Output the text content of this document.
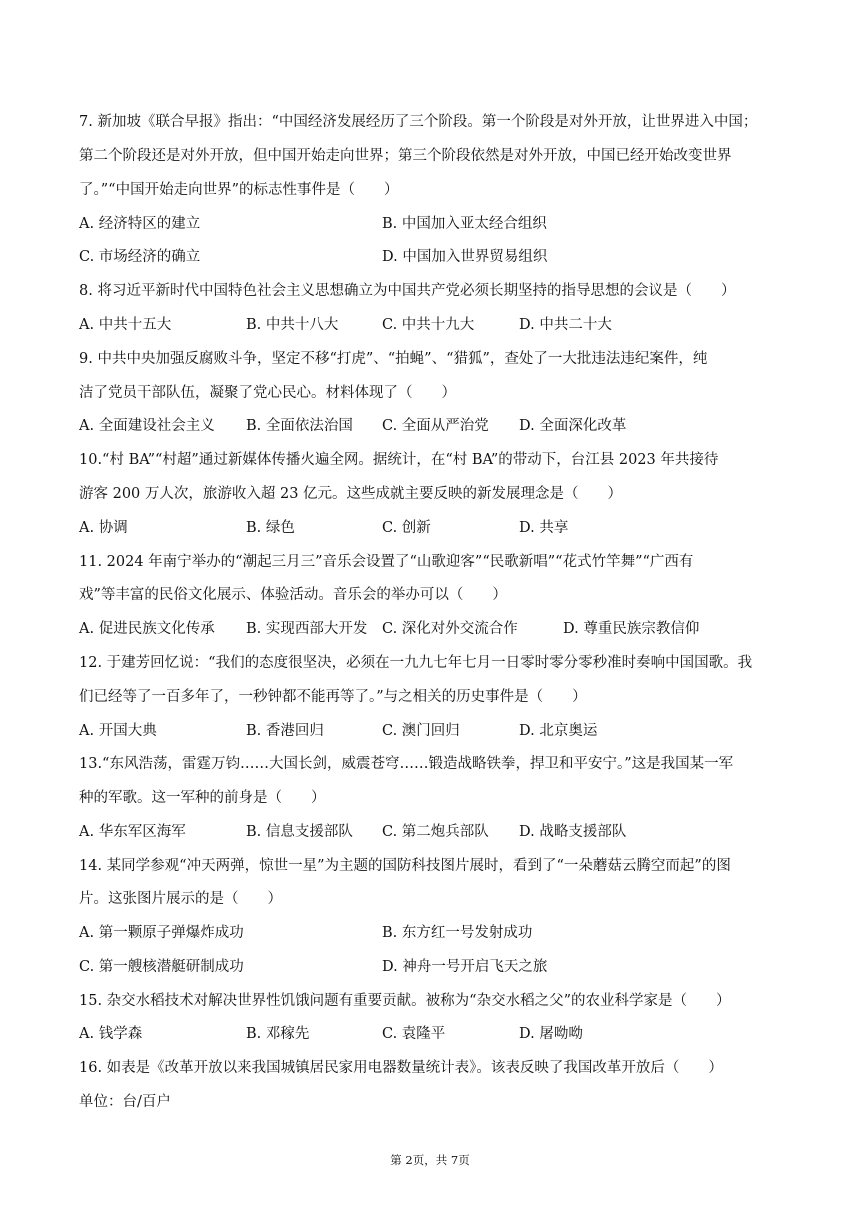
7. 新加坡《联合早报》指出：“中国经济发展经历了三个阶段。第一个阶段是对外开放，让世界进入中国；
第二个阶段还是对外开放，但中国开始走向世界；第三个阶段依然是对外开放，中国已经开始改变世界
了。”“中国开始走向世界”的标志性事件是（　　）
A. 经济特区的建立	B. 中国加入亚太经合组织
C. 市场经济的确立	D. 中国加入世界贸易组织
8. 将习近平新时代中国特色社会主义思想确立为中国共产党必须长期坚持的指导思想的会议是（　　）
A. 中共十五大	B. 中共十八大	C. 中共十九大	D. 中共二十大
9. 中共中央加强反腐败斗争，坚定不移“打虎”、“拍蝇”、“猎狐”，查处了一大批违法违纪案件，纯
洁了党员干部队伍，凝聚了党心民心。材料体现了（　　）
A. 全面建设社会主义 B. 全面依法治国 C. 全面从严治党 D. 全面深化改革
10.“村 BA”“村超”通过新媒体传播火遍全网。据统计，在“村 BA”的带动下，台江县 2023 年共接待
游客 200 万人次，旅游收入超 23 亿元。这些成就主要反映的新发展理念是（　　）
A. 协调	B. 绿色	C. 创新	D. 共享
11. 2024 年南宁举办的“潮起三月三”音乐会设置了“山歌迎客”“民歌新唱”“花式竹竿舞”“广西有
戏”等丰富的民俗文化展示、体验活动。音乐会的举办可以（　　）
A. 促进民族文化传承 B. 实现西部大开发 C. 深化对外交流合作	D. 尊重民族宗教信仰
12. 于建芳回忆说：“我们的态度很坚决，必须在一九九七年七月一日零时零分零秒准时奏响中国国歌。我
们已经等了一百多年了，一秒钟都不能再等了。”与之相关的历史事件是（　　）
A. 开国大典	B. 香港回归	C. 澳门回归	D. 北京奥运
13.“东风浩荡，雷霆万钧……大国长剑，威震苍穹……锻造战略铁拳，捍卫和平安宁。”这是我国某一军
种的军歌。这一军种的前身是（　　）
A. 华东军区海军	B. 信息支援部队 C. 第二炮兵部队 D. 战略支援部队
14. 某同学参观“冲天两弹，惊世一星”为主题的国防科技图片展时，看到了“一朵蘑菇云腾空而起”的图
片。这张图片展示的是（　　）
A. 第一颗原子弹爆炸成功	B. 东方红一号发射成功
C. 第一艘核潜艇研制成功	D. 神舟一号开启飞天之旅
15. 杂交水稻技术对解决世界性饥饿问题有重要贡献。被称为“杂交水稻之父”的农业科学家是（　　）
A. 钱学森	B. 邓稼先	C. 袁隆平	D. 屠呦呦
16. 如表是《改革开放以来我国城镇居民家用电器数量统计表》。该表反映了我国改革开放后（　　）
单位：台/百户
第 2页，共 7页
